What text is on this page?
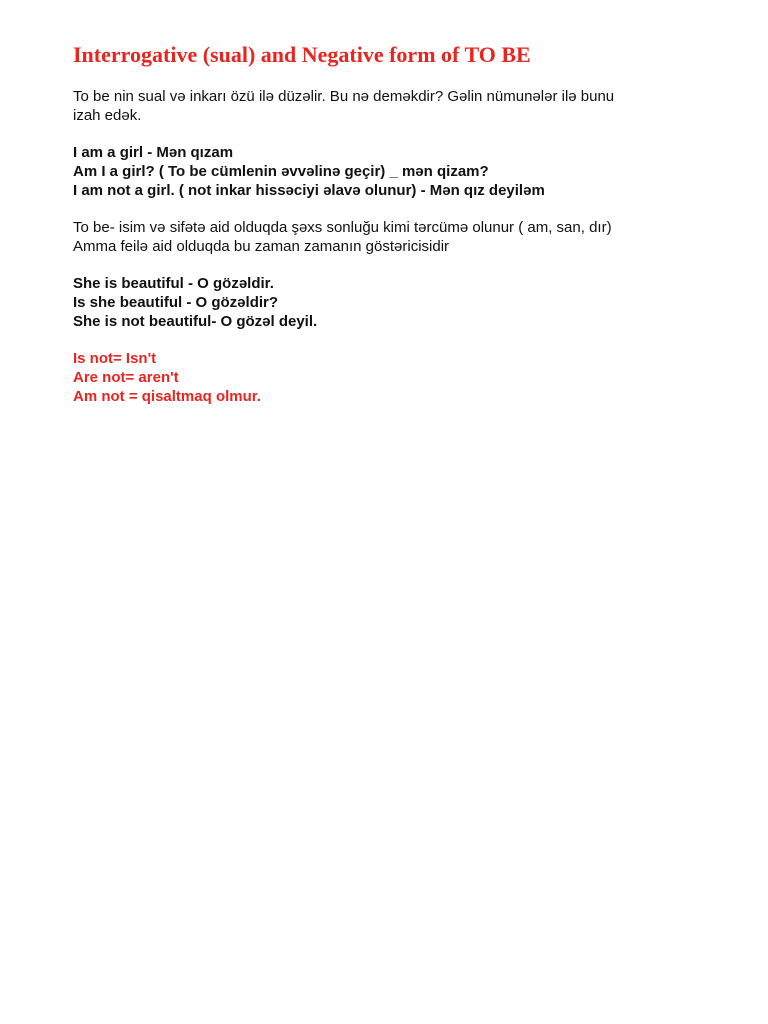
Interrogative (sual) and Negative form of TO BE

To be nin sual və inkarı özü ilə düzəlir. Bu nə deməkdir? Gəlin nümunələr ilə bunu

izah edək.

I am a girl - Mən qızam

Am I a girl? ( To be cümlenin əvvəlinə geçir) _ mən qizam?

I am not a girl. ( not inkar hissəciyi əlavə olunur) - Mən qız deyiləm

To be- isim və sifətə aid olduqda şəxs sonluğu kimi tərcümə olunur ( am, san, dır)

Amma feilə aid olduqda bu zaman zamanın göstəricisidir

She is beautiful - O gözəldir.

Is she beautiful - O gözəldir?

She is not beautiful- O gözəl deyil.

Is not= Isn't

Are not= aren't

Am not = qisaltmaq olmur.
